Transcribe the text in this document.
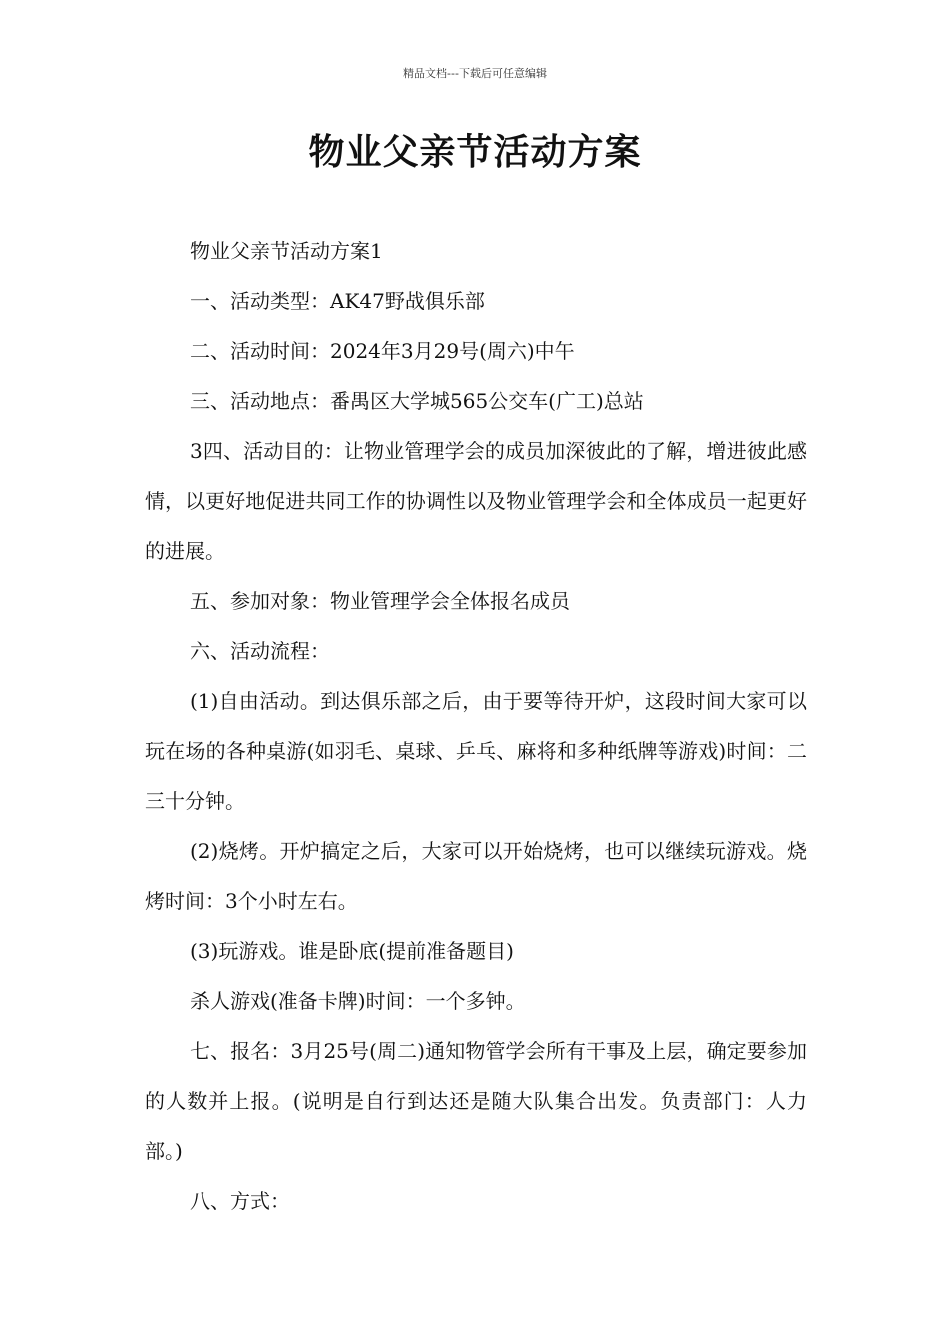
精品文档---下载后可任意编辑
物业父亲节活动方案

物业父亲节活动方案1

一、活动类型：AK47野战俱乐部

二、活动时间：2024年3月29号(周六)中午

三、活动地点：番禺区大学城565公交车(广工)总站

3四、活动目的：让物业管理学会的成员加深彼此的了解，增进彼此感情，以更好地促进共同工作的协调性以及物业管理学会和全体成员一起更好的进展。

五、参加对象：物业管理学会全体报名成员

六、活动流程：

(1)自由活动。到达俱乐部之后，由于要等待开炉，这段时间大家可以玩在场的各种桌游(如羽毛、桌球、乒乓、麻将和多种纸牌等游戏)时间：二三十分钟。

(2)烧烤。开炉搞定之后，大家可以开始烧烤，也可以继续玩游戏。烧烤时间：3个小时左右。

(3)玩游戏。谁是卧底(提前准备题目)

杀人游戏(准备卡牌)时间：一个多钟。

七、报名：3月25号(周二)通知物管学会所有干事及上层，确定要参加的人数并上报。(说明是自行到达还是随大队集合出发。负责部门：人力部。)

八、方式：
